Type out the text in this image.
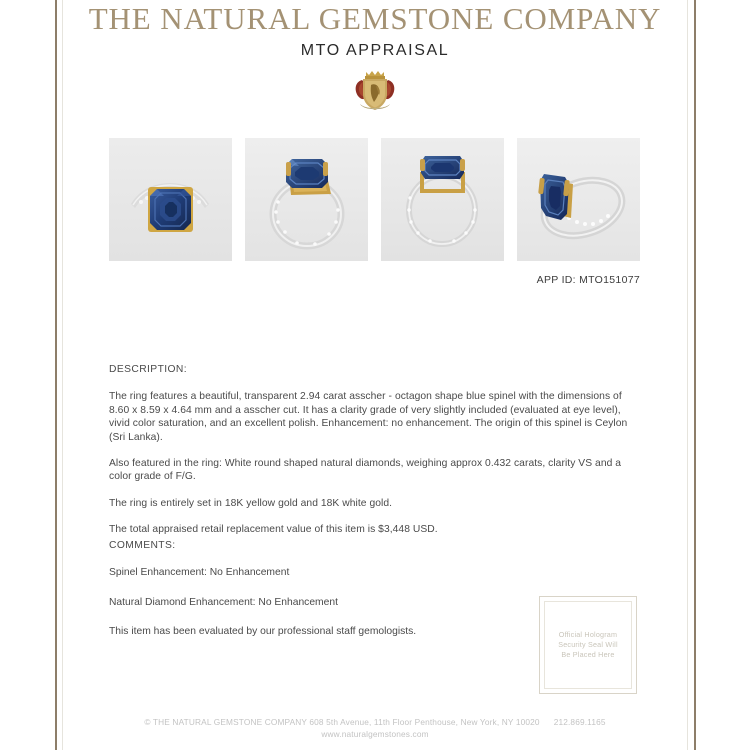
THE NATURAL GEMSTONE COMPANY
MTO APPRAISAL
APP ID: MTO151077
DESCRIPTION:

The ring features a beautiful, transparent 2.94 carat asscher - octagon shape blue spinel with the dimensions of 8.60 x 8.59 x 4.64 mm and a asscher cut. It has a clarity grade of very slightly included (evaluated at eye level), vivid color saturation, and an excellent polish. Enhancement: no enhancement. The origin of this spinel is Ceylon (Sri Lanka).

Also featured in the ring: White round shaped natural diamonds, weighing approx 0.432 carats, clarity VS and a color grade of F/G.

The ring is entirely set in 18K yellow gold and 18K white gold.

The total appraised retail replacement value of this item is $3,448 USD.

COMMENTS:

Spinel Enhancement: No Enhancement

Natural Diamond Enhancement: No Enhancement

This item has been evaluated by our professional staff gemologists.	Official Hologram
Security Seal Will
Be Placed Here
© THE NATURAL GEMSTONE COMPANY 608 5th Avenue, 11th Floor Penthouse, New York, NY 10020 212.869.1165
www.naturalgemstones.com
